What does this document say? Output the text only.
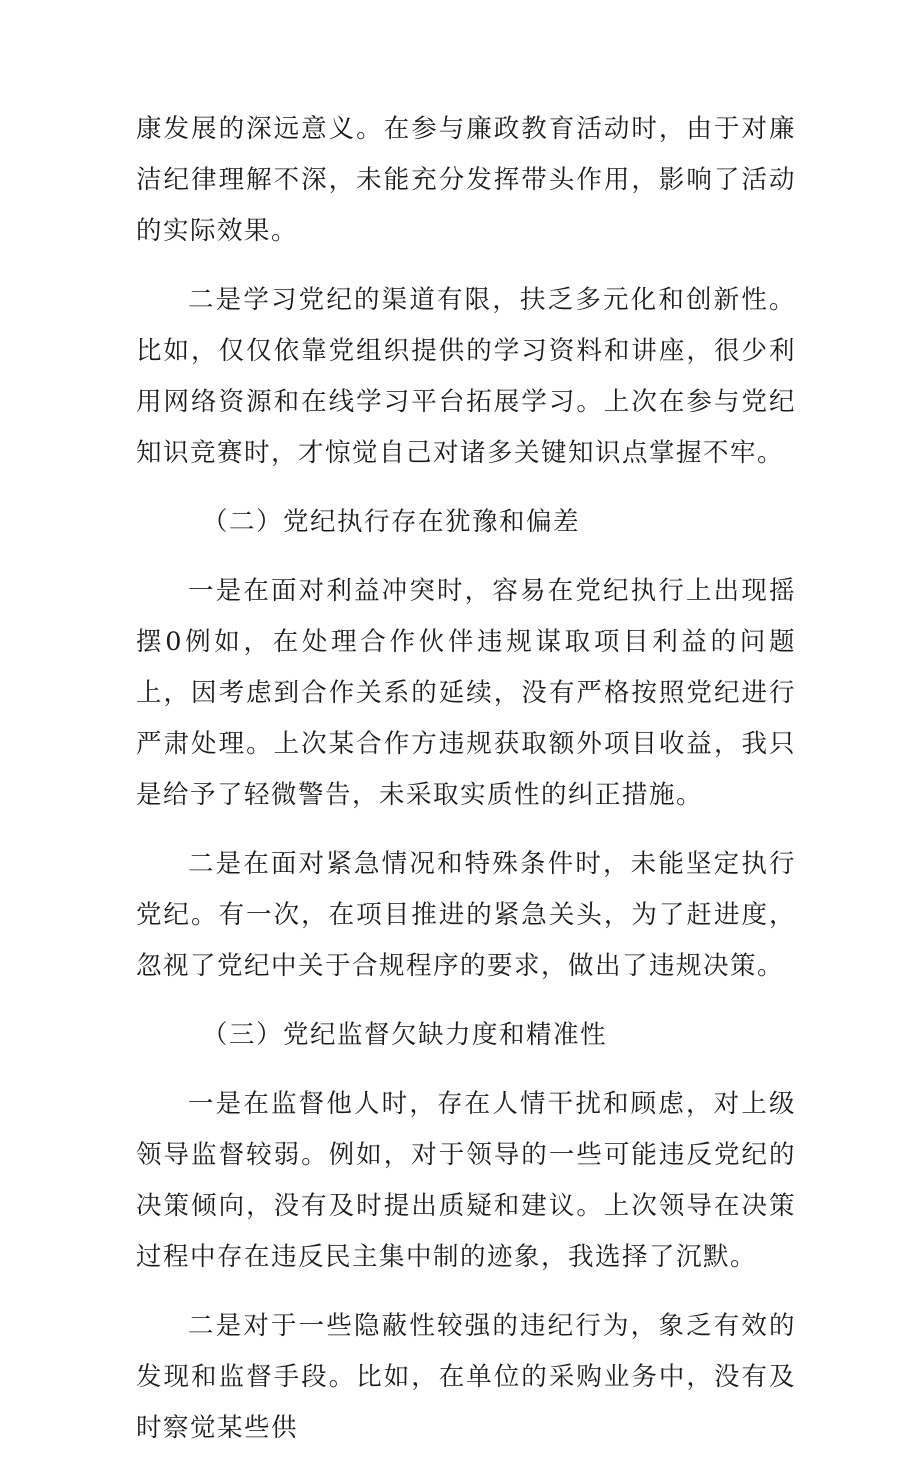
康发展的深远意义。在参与廉政教育活动时，由于对廉洁纪律理解不深，未能充分发挥带头作用，影响了活动的实际效果。

二是学习党纪的渠道有限，扶乏多元化和创新性。比如，仅仅依靠党组织提供的学习资料和讲座，很少利用网络资源和在线学习平台拓展学习。上次在参与党纪知识竞赛时，才惊觉自己对诸多关键知识点掌握不牢。

（二）党纪执行存在犹豫和偏差

一是在面对利益冲突时，容易在党纪执行上出现摇摆0例如，在处理合作伙伴违规谋取项目利益的问题上，因考虑到合作关系的延续，没有严格按照党纪进行严肃处理。上次某合作方违规获取额外项目收益，我只是给予了轻微警告，未采取实质性的纠正措施。

二是在面对紧急情况和特殊条件时，未能坚定执行党纪。有一次，在项目推进的紧急关头，为了赶进度，忽视了党纪中关于合规程序的要求，做出了违规决策。

（三）党纪监督欠缺力度和精准性

一是在监督他人时，存在人情干扰和顾虑，对上级领导监督较弱。例如，对于领导的一些可能违反党纪的决策倾向，没有及时提出质疑和建议。上次领导在决策过程中存在违反民主集中制的迹象，我选择了沉默。

二是对于一些隐蔽性较强的违纪行为，象乏有效的发现和监督手段。比如，在单位的采购业务中，没有及时察觉某些供
